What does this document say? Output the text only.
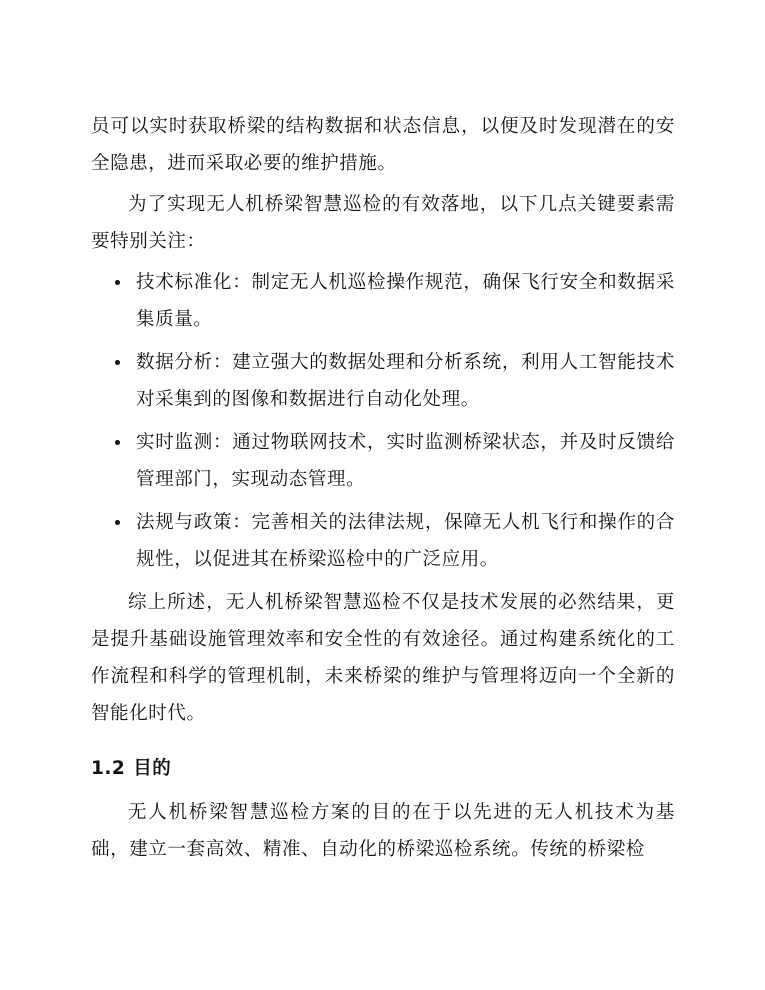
员可以实时获取桥梁的结构数据和状态信息，以便及时发现潜在的安全隐患，进而采取必要的维护措施。

为了实现无人机桥梁智慧巡检的有效落地，以下几点关键要素需要特别关注：

技术标准化：制定无人机巡检操作规范，确保飞行安全和数据采集质量。
数据分析：建立强大的数据处理和分析系统，利用人工智能技术对采集到的图像和数据进行自动化处理。
实时监测：通过物联网技术，实时监测桥梁状态，并及时反馈给管理部门，实现动态管理。
法规与政策：完善相关的法律法规，保障无人机飞行和操作的合规性，以促进其在桥梁巡检中的广泛应用。

综上所述，无人机桥梁智慧巡检不仅是技术发展的必然结果，更是提升基础设施管理效率和安全性的有效途径。通过构建系统化的工作流程和科学的管理机制，未来桥梁的维护与管理将迈向一个全新的智能化时代。

1.2 目的

无人机桥梁智慧巡检方案的目的在于以先进的无人机技术为基础，建立一套高效、精准、自动化的桥梁巡检系统。传统的桥梁检
